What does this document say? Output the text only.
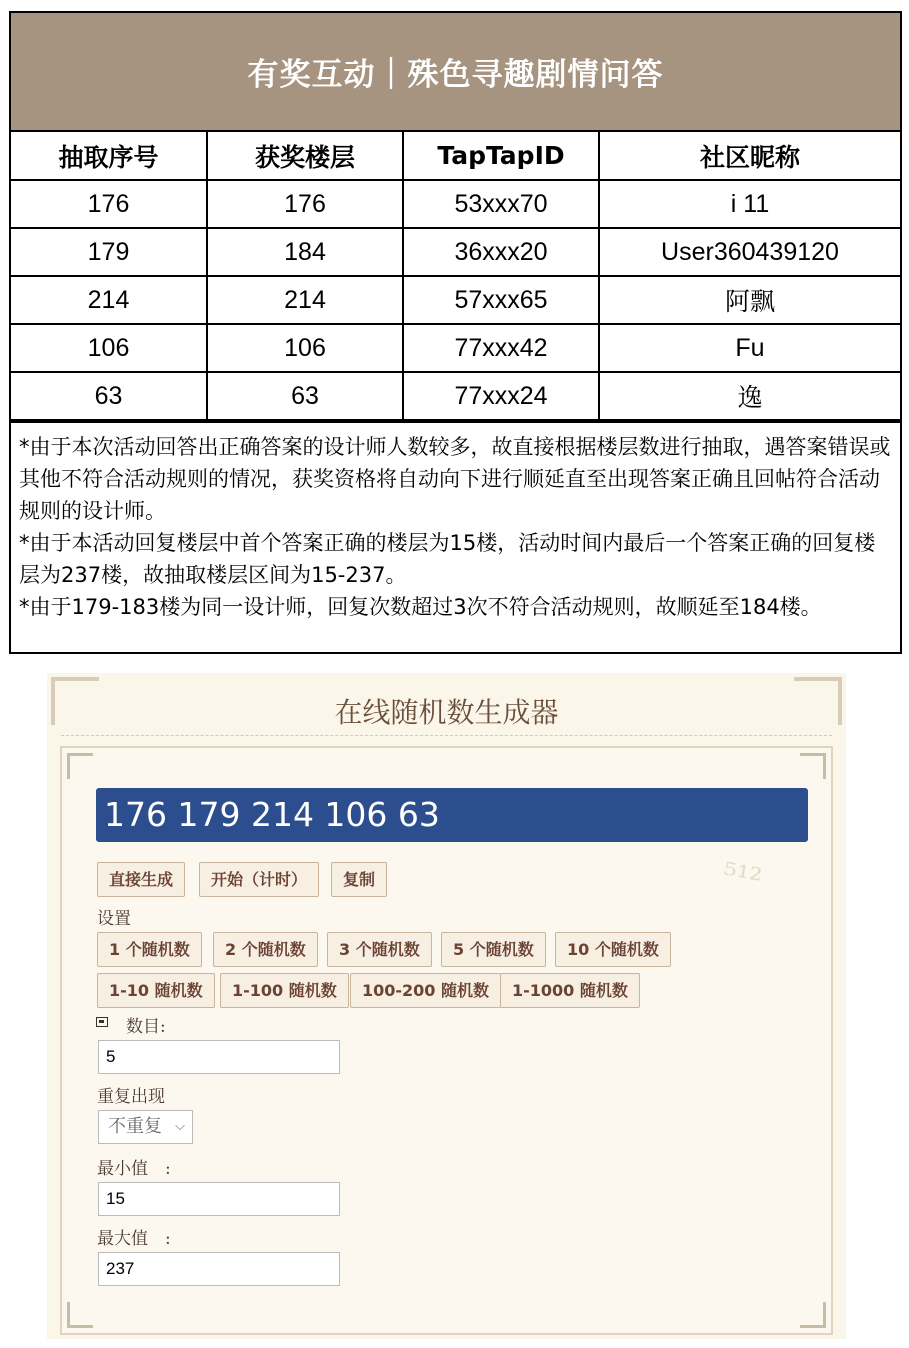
有奖互动｜殊色寻趣剧情问答
抽取序号	获奖楼层	TapTapID	社区昵称
176	176	53xxx70	i 11
179	184	36xxx20	User360439120
214	214	57xxx65	阿飘
106	106	77xxx42	Fu
63	63	77xxx24	逸

*由于本次活动回答出正确答案的设计师人数较多，故直接根据楼层数进行抽取，遇答案错误或其他不符合活动规则的情况，获奖资格将自动向下进行顺延直至出现答案正确且回帖符合活动规则的设计师。

*由于本活动回复楼层中首个答案正确的楼层为15楼，活动时间内最后一个答案正确的回复楼层为237楼，故抽取楼层区间为15-237。

*由于179-183楼为同一设计师，回复次数超过3次不符合活动规则，故顺延至184楼。

在线随机数生成器
⁵¹²
176 179 214 106 63
直接生成	开始（计时）	复制
设置
1 个随机数	2 个随机数	3 个随机数	5 个随机数	10 个随机数
1-10 随机数	1-100 随机数	100-200 随机数	1-1000 随机数
数目:
5
重复出现
不重复 ⌵
最小值　:
15
最大值　:
237
